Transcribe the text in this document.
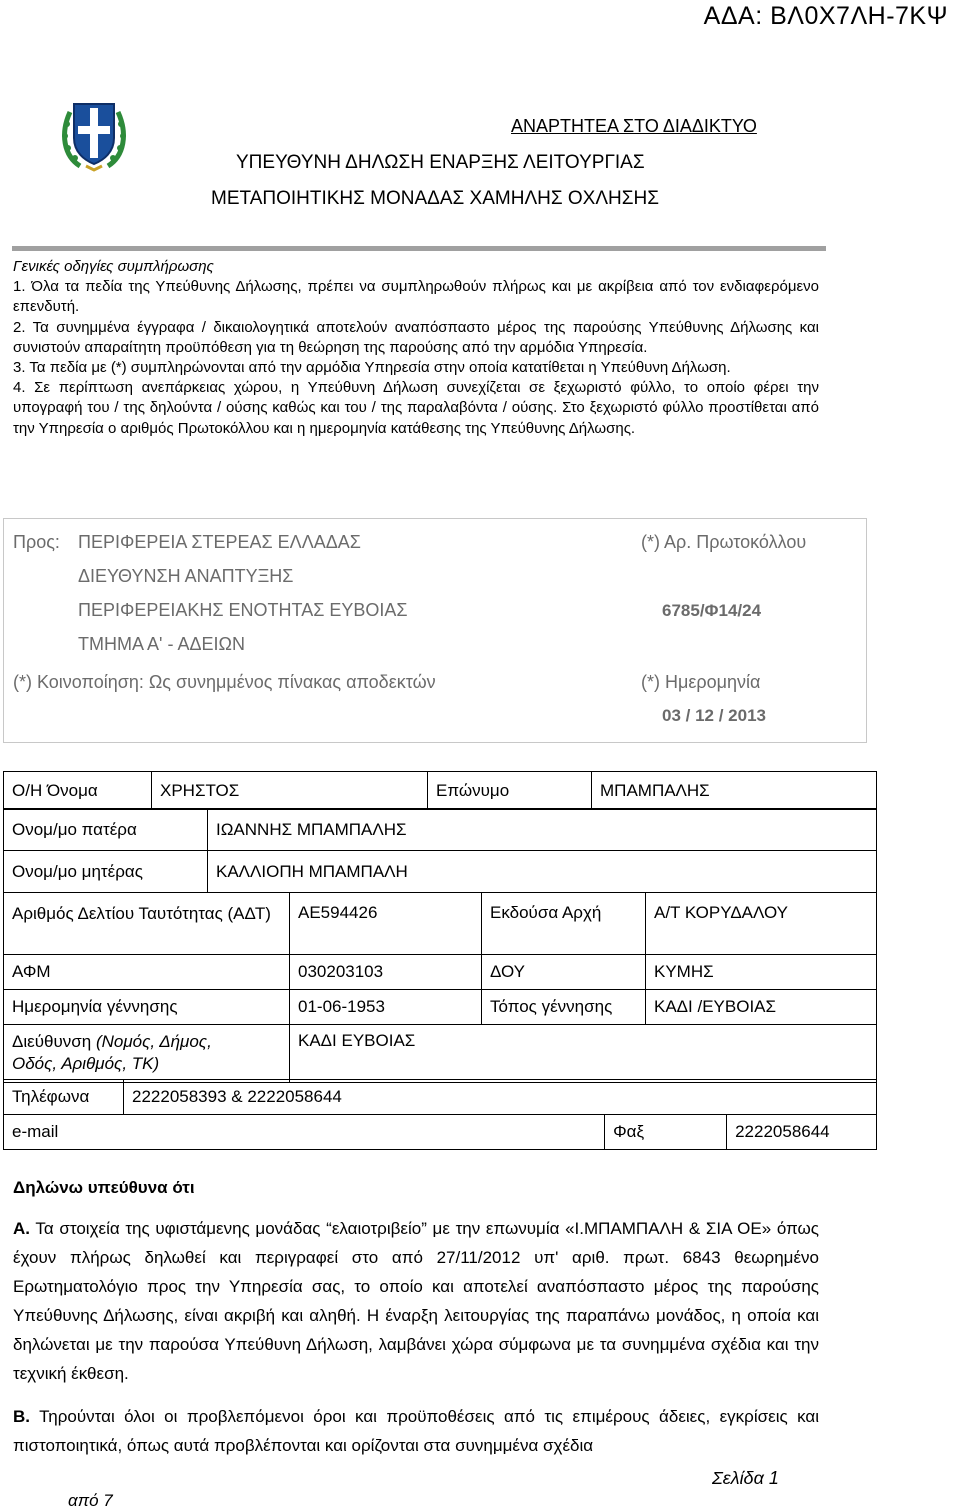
ΑΔΑ: ΒΛ0Χ7ΛΗ-7ΚΨ
ΑΝΑΡΤΗΤΕΑ ΣΤΟ ΔΙΑΔΙΚΤΥΟ
ΥΠΕΥΘΥΝΗ ΔΗΛΩΣΗ ΕΝΑΡΞΗΣ ΛΕΙΤΟΥΡΓΙΑΣ
ΜΕΤΑΠΟΙΗΤΙΚΗΣ ΜΟΝΑΔΑΣ ΧΑΜΗΛΗΣ ΟΧΛΗΣΗΣ

Γενικές οδηγίες συμπλήρωσης

1. Όλα τα πεδία της Υπεύθυνης Δήλωσης, πρέπει να συμπληρωθούν πλήρως και με ακρίβεια από τον ενδιαφερόμενο επενδυτή.

2. Τα συνημμένα έγγραφα / δικαιολογητικά αποτελούν αναπόσπαστο μέρος της παρούσης Υπεύθυνης Δήλωσης και συνιστούν απαραίτητη προϋπόθεση για τη θεώρηση της παρούσης από την αρμόδια Υπηρεσία.

3. Τα πεδία με (*) συμπληρώνονται από την αρμόδια Υπηρεσία στην οποία κατατίθεται η Υπεύθυνη Δήλωση.

4. Σε περίπτωση ανεπάρκειας χώρου, η Υπεύθυνη Δήλωση συνεχίζεται σε ξεχωριστό φύλλο, το οποίο φέρει την υπογραφή του / της δηλούντα / ούσης καθώς και του / της παραλαβόντα / ούσης. Στο ξεχωριστό φύλλο προστίθεται από την Υπηρεσία ο αριθμός Πρωτοκόλλου και η ημερομηνία κατάθεσης της Υπεύθυνης Δήλωσης.

Προς: ΠΕΡΙΦΕΡΕΙΑ ΣΤΕΡΕΑΣ ΕΛΛΑΔΑΣ
ΔΙΕΥΘΥΝΣΗ ΑΝΑΠΤΥΞΗΣ
ΠΕΡΙΦΕΡΕΙΑΚΗΣ ΕΝΟΤΗΤΑΣ ΕΥΒΟΙΑΣ
ΤΜΗΜΑ Α' - ΑΔΕΙΩΝ
(*) Αρ. Πρωτοκόλλου
6785/Φ14/24
(*) Κοινοποίηση: Ως συνημμένος πίνακας αποδεκτών	(*) Ημερομηνία
03 / 12 / 2013
Ο/Η Όνομα	ΧΡΗΣΤΟΣ	Επώνυμο	ΜΠΑΜΠΑΛΗΣ
Ονομ/μο πατέρα	ΙΩΑΝΝΗΣ ΜΠΑΜΠΑΛΗΣ
Ονομ/μο μητέρας	ΚΑΛΛΙΟΠΗ ΜΠΑΜΠΑΛΗ
Αριθμός Δελτίου Ταυτότητας (ΑΔΤ)	ΑΕ594426	Εκδούσα Αρχή	Α/Τ ΚΟΡΥΔΑΛΟΥ
ΑΦΜ	030203103	ΔΟΥ	ΚΥΜΗΣ
Ημερομηνία γέννησης	01-06-1953	Τόπος γέννησης	ΚΑΔΙ /ΕΥΒΟΙΑΣ
Διεύθυνση (Νομός, Δήμος,
Οδός, Αριθμός, ΤΚ)	ΚΑΔΙ ΕΥΒΟΙΑΣ		
Τηλέφωνα	2222058393 & 2222058644		
e-mail		Φαξ	2222058644
Δηλώνω υπεύθυνα ότι
Α. Τα στοιχεία της υφιστάμενης μονάδας “ελαιοτριβείο” με την επωνυμία «Ι.ΜΠΑΜΠΑΛΗ & ΣΙΑ ΟΕ» όπως έχουν πλήρως δηλωθεί και περιγραφεί στο από 27/11/2012 υπ' αριθ. πρωτ. 6843 θεωρημένο Ερωτηματολόγιο προς την Υπηρεσία σας, το οποίο και αποτελεί αναπόσπαστο μέρος της παρούσης Υπεύθυνης Δήλωσης, είναι ακριβή και αληθή. Η έναρξη λειτουργίας της παραπάνω μονάδος, η οποία και δηλώνεται με την παρούσα Υπεύθυνη Δήλωση, λαμβάνει χώρα σύμφωνα με τα συνημμένα σχέδια και την τεχνική έκθεση.
Β. Τηρούνται όλοι οι προβλεπόμενοι όροι και προϋποθέσεις από τις επιμέρους άδειες, εγκρίσεις και πιστοποιητικά, όπως αυτά προβλέπονται και ορίζονται στα συνημμένα σχέδια
Σελίδα 1
από 7
